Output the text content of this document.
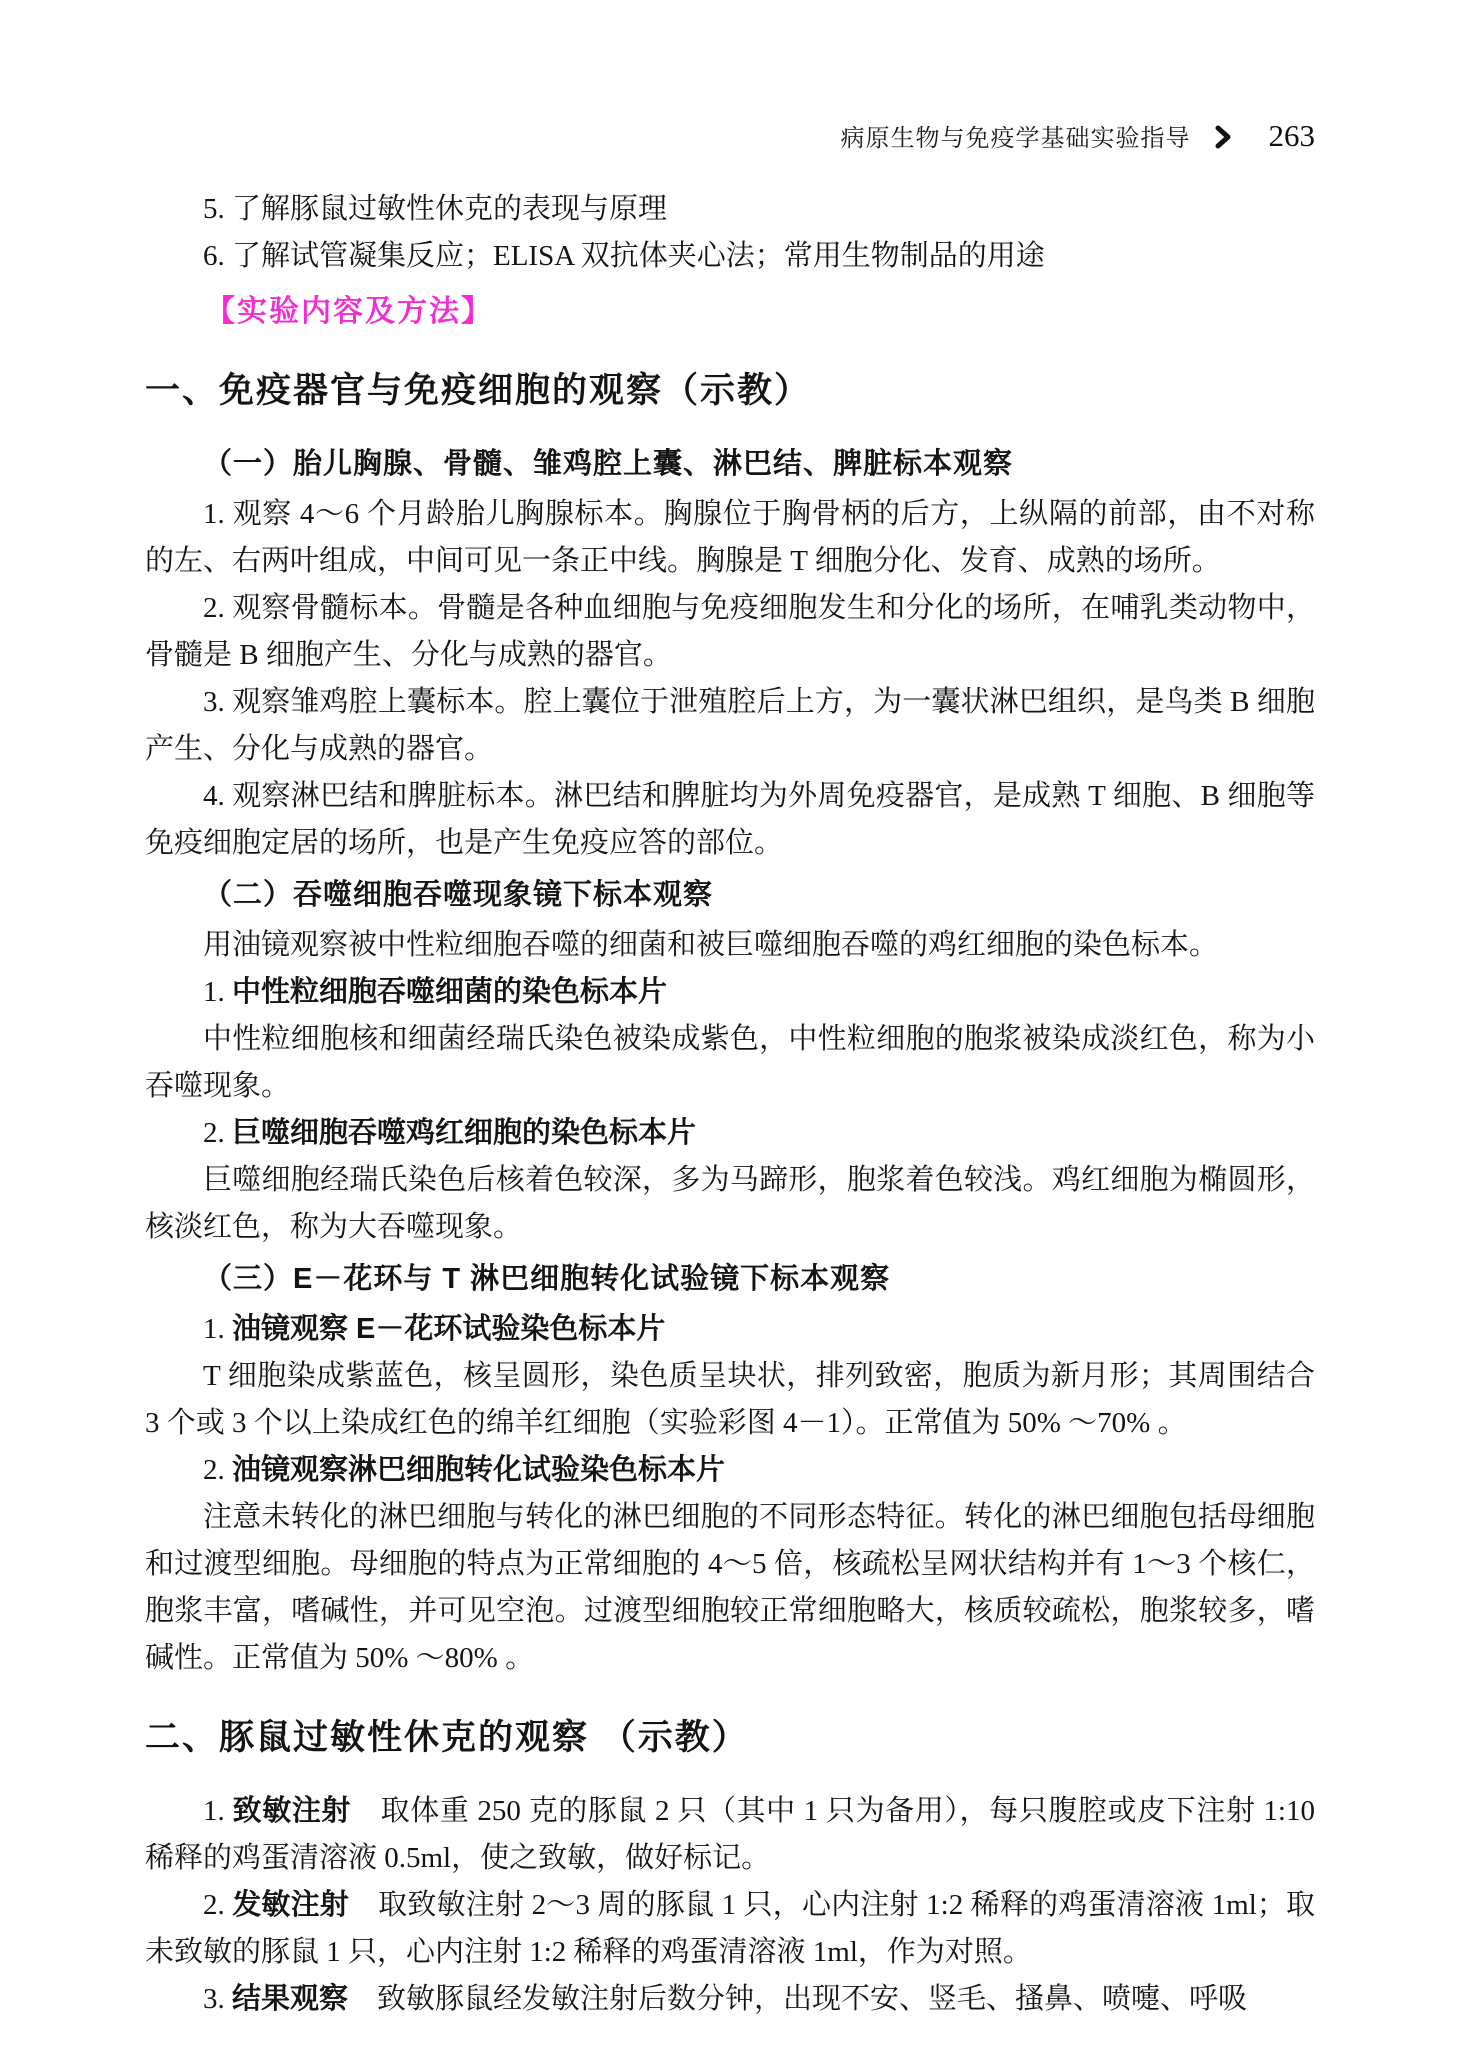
病原生物与免疫学基础实验指导	263

5. 了解豚鼠过敏性休克的表现与原理

6. 了解试管凝集反应；ELISA 双抗体夹心法；常用生物制品的用途

【实验内容及方法】

一、免疫器官与免疫细胞的观察（示教）

（一）胎儿胸腺、骨髓、雏鸡腔上囊、淋巴结、脾脏标本观察

1. 观察 4～6 个月龄胎儿胸腺标本。胸腺位于胸骨柄的后方，上纵隔的前部，由不对称的左、右两叶组成，中间可见一条正中线。胸腺是 T 细胞分化、发育、成熟的场所。

2. 观察骨髓标本。骨髓是各种血细胞与免疫细胞发生和分化的场所，在哺乳类动物中，骨髓是 B 细胞产生、分化与成熟的器官。

3. 观察雏鸡腔上囊标本。腔上囊位于泄殖腔后上方，为一囊状淋巴组织，是鸟类 B 细胞产生、分化与成熟的器官。

4. 观察淋巴结和脾脏标本。淋巴结和脾脏均为外周免疫器官，是成熟 T 细胞、B 细胞等免疫细胞定居的场所，也是产生免疫应答的部位。

（二）吞噬细胞吞噬现象镜下标本观察

用油镜观察被中性粒细胞吞噬的细菌和被巨噬细胞吞噬的鸡红细胞的染色标本。

1. 中性粒细胞吞噬细菌的染色标本片

中性粒细胞核和细菌经瑞氏染色被染成紫色，中性粒细胞的胞浆被染成淡红色，称为小吞噬现象。

2. 巨噬细胞吞噬鸡红细胞的染色标本片

巨噬细胞经瑞氏染色后核着色较深，多为马蹄形，胞浆着色较浅。鸡红细胞为椭圆形，核淡红色，称为大吞噬现象。

（三）E－花环与 T 淋巴细胞转化试验镜下标本观察

1. 油镜观察 E－花环试验染色标本片

T 细胞染成紫蓝色，核呈圆形，染色质呈块状，排列致密，胞质为新月形；其周围结合 3 个或 3 个以上染成红色的绵羊红细胞（实验彩图 4－1）。正常值为 50% ～70% 。

2. 油镜观察淋巴细胞转化试验染色标本片

注意未转化的淋巴细胞与转化的淋巴细胞的不同形态特征。转化的淋巴细胞包括母细胞和过渡型细胞。母细胞的特点为正常细胞的 4～5 倍，核疏松呈网状结构并有 1～3 个核仁，胞浆丰富，嗜碱性，并可见空泡。过渡型细胞较正常细胞略大，核质较疏松，胞浆较多，嗜碱性。正常值为 50% ～80% 。

二、豚鼠过敏性休克的观察 （示教）

1. 致敏注射　取体重 250 克的豚鼠 2 只（其中 1 只为备用），每只腹腔或皮下注射 1:10稀释的鸡蛋清溶液 0.5ml，使之致敏，做好标记。

2. 发敏注射　取致敏注射 2～3 周的豚鼠 1 只，心内注射 1:2 稀释的鸡蛋清溶液 1ml；取未致敏的豚鼠 1 只，心内注射 1:2 稀释的鸡蛋清溶液 1ml，作为对照。

3. 结果观察　致敏豚鼠经发敏注射后数分钟，出现不安、竖毛、搔鼻、喷嚏、呼吸
